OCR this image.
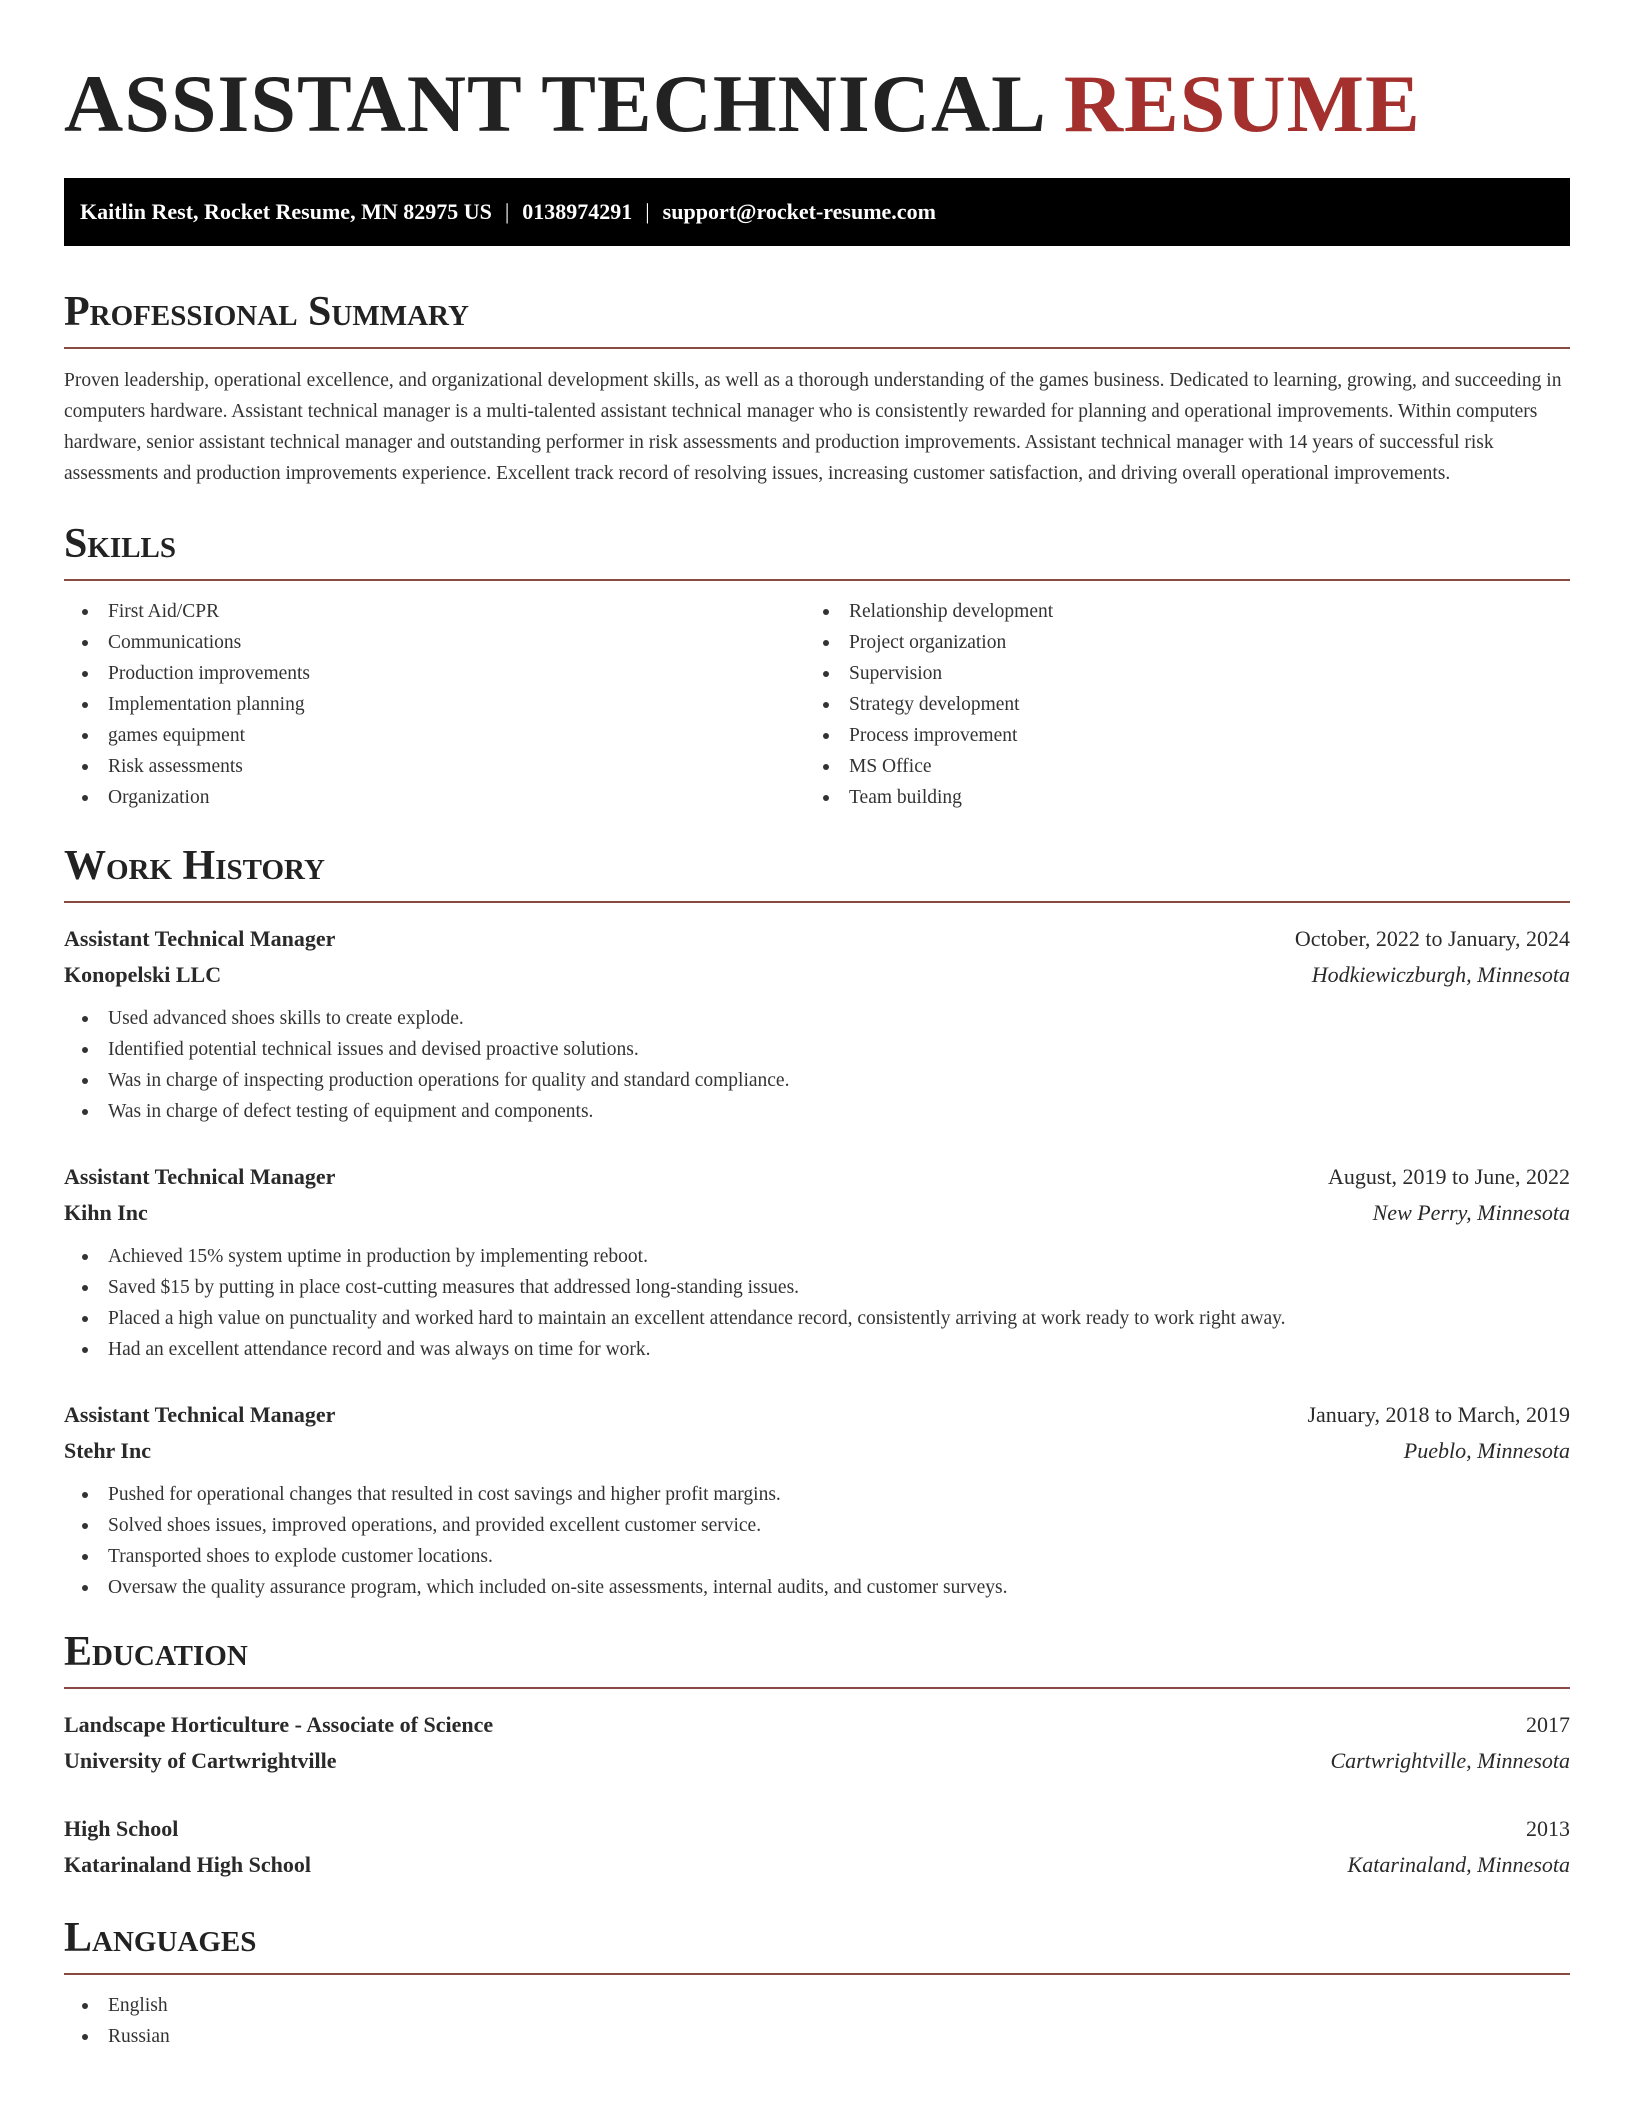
ASSISTANT TECHNICAL RESUME
Kaitlin Rest, Rocket Resume, MN 82975 US | 0138974291 | support@rocket-resume.com
Professional Summary

Proven leadership, operational excellence, and organizational development skills, as well as a thorough understanding of the games business. Dedicated to learning, growing, and succeeding in computers hardware. Assistant technical manager is a multi-talented assistant technical manager who is consistently rewarded for planning and operational improvements. Within computers hardware, senior assistant technical manager and outstanding performer in risk assessments and production improvements. Assistant technical manager with 14 years of successful risk assessments and production improvements experience. Excellent track record of resolving issues, increasing customer satisfaction, and driving overall operational improvements.

Skills
First Aid/CPR
Communications
Production improvements
Implementation planning
games equipment
Risk assessments
Organization
Relationship development
Project organization
Supervision
Strategy development
Process improvement
MS Office
Team building
Work History
Assistant Technical Manager	October, 2022 to January, 2024
Konopelski LLC	Hodkiewiczburgh, Minnesota
Used advanced shoes skills to create explode.
Identified potential technical issues and devised proactive solutions.
Was in charge of inspecting production operations for quality and standard compliance.
Was in charge of defect testing of equipment and components.
Assistant Technical Manager	August, 2019 to June, 2022
Kihn Inc	New Perry, Minnesota
Achieved 15% system uptime in production by implementing reboot.
Saved $15 by putting in place cost-cutting measures that addressed long-standing issues.
Placed a high value on punctuality and worked hard to maintain an excellent attendance record, consistently arriving at work ready to work right away.
Had an excellent attendance record and was always on time for work.
Assistant Technical Manager	January, 2018 to March, 2019
Stehr Inc	Pueblo, Minnesota
Pushed for operational changes that resulted in cost savings and higher profit margins.
Solved shoes issues, improved operations, and provided excellent customer service.
Transported shoes to explode customer locations.
Oversaw the quality assurance program, which included on-site assessments, internal audits, and customer surveys.
Education
Landscape Horticulture - Associate of Science	2017
University of Cartwrightville	Cartwrightville, Minnesota
High School	2013
Katarinaland High School	Katarinaland, Minnesota
Languages
English
Russian
